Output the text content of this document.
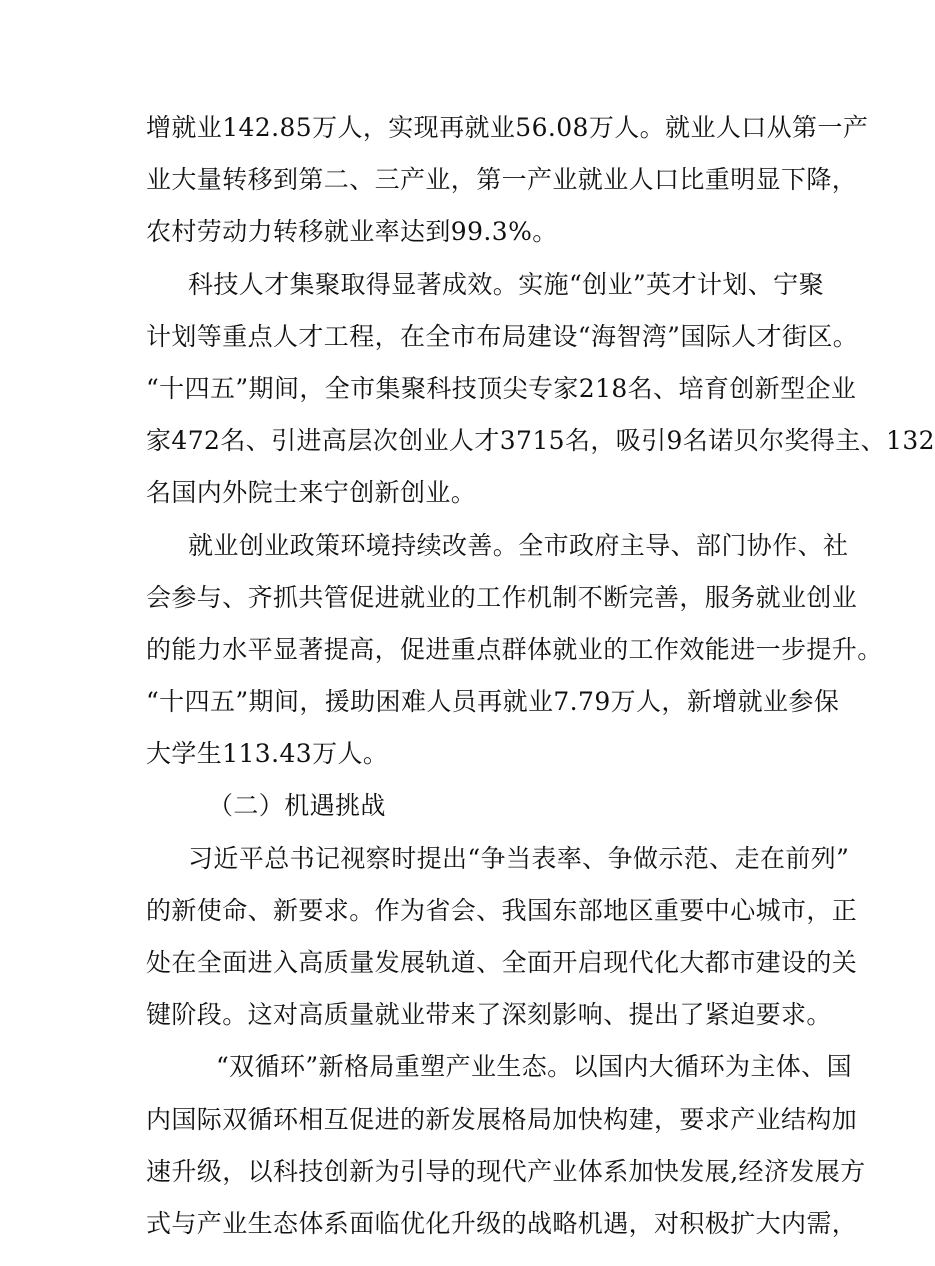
增就业142.85万人，实现再就业56.08万人。就业人口从第一产
业大量转移到第二、三产业，第一产业就业人口比重明显下降，
农村劳动力转移就业率达到99.3%。
科技人才集聚取得显著成效。实施“创业”英才计划、宁聚
计划等重点人才工程，在全市布局建设“海智湾”国际人才街区。
“十四五”期间，全市集聚科技顶尖专家218名、培育创新型企业
家472名、引进高层次创业人才3715名，吸引9名诺贝尔奖得主、132
名国内外院士来宁创新创业。
就业创业政策环境持续改善。全市政府主导、部门协作、社
会参与、齐抓共管促进就业的工作机制不断完善，服务就业创业
的能力水平显著提高，促进重点群体就业的工作效能进一步提升。
“十四五”期间，援助困难人员再就业7.79万人，新增就业参保
大学生113.43万人。
（二）机遇挑战
习近平总书记视察时提出“争当表率、争做示范、走在前列”
的新使命、新要求。作为省会、我国东部地区重要中心城市，正
处在全面进入高质量发展轨道、全面开启现代化大都市建设的关
键阶段。这对高质量就业带来了深刻影响、提出了紧迫要求。
“双循环”新格局重塑产业生态。以国内大循环为主体、国
内国际双循环相互促进的新发展格局加快构建，要求产业结构加
速升级，以科技创新为引导的现代产业体系加快发展,经济发展方
式与产业生态体系面临优化升级的战略机遇，对积极扩大内需，
